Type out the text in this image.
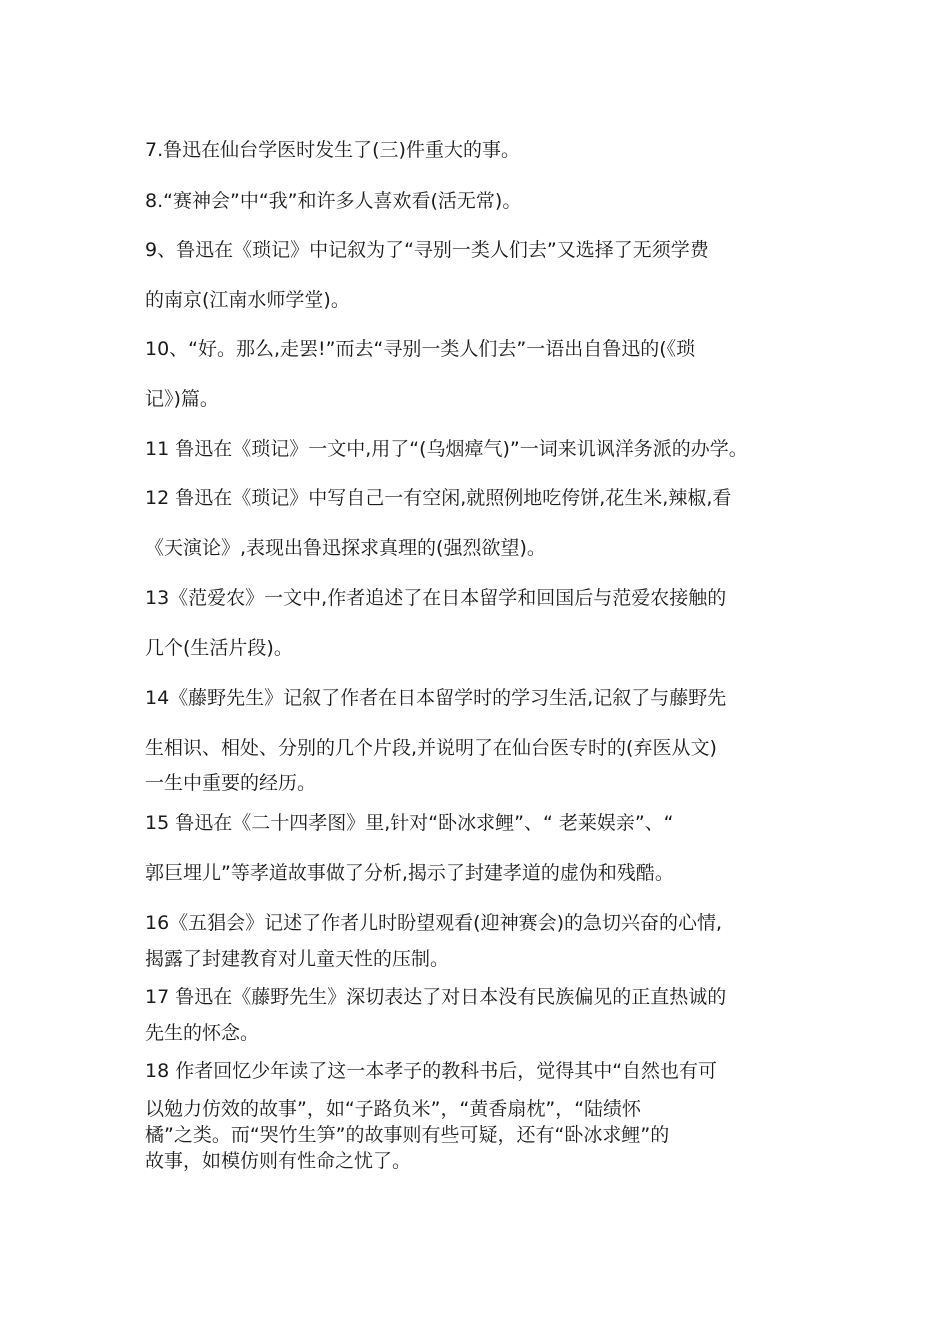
7.鲁迅在仙台学医时发生了(三)件重大的事。
8.“赛神会”中“我”和许多人喜欢看(活无常)。
9、鲁迅在《琐记》中记叙为了“寻别一类人们去”又选择了无须学费
的南京(江南水师学堂)。
10、“好。那么,走罢!”而去“寻别一类人们去”一语出自鲁迅的(《琐
记》)篇。
11 鲁迅在《琐记》一文中,用了“(乌烟瘴气)”一词来讥讽洋务派的办学。
12 鲁迅在《琐记》中写自己一有空闲,就照例地吃侉饼,花生米,辣椒,看
《天演论》,表现出鲁迅探求真理的(强烈欲望)。
13《范爱农》一文中,作者追述了在日本留学和回国后与范爱农接触的
几个(生活片段)。
14《藤野先生》记叙了作者在日本留学时的学习生活,记叙了与藤野先
生相识、相处、分别的几个片段,并说明了在仙台医专时的(弃医从文)
一生中重要的经历。
15 鲁迅在《二十四孝图》里,针对“卧冰求鲤”、“ 老莱娱亲”、“
郭巨埋儿”等孝道故事做了分析,揭示了封建孝道的虚伪和残酷。
16《五猖会》记述了作者儿时盼望观看(迎神赛会)的急切兴奋的心情,
揭露了封建教育对儿童天性的压制。
17 鲁迅在《藤野先生》深切表达了对日本没有民族偏见的正直热诚的
先生的怀念。
18 作者回忆少年读了这一本孝子的教科书后，觉得其中“自然也有可
以勉力仿效的故事”，如“子路负米”，“黄香扇枕”，“陆绩怀
橘”之类。而“哭竹生笋”的故事则有些可疑，还有“卧冰求鲤”的
故事，如模仿则有性命之忧了。
